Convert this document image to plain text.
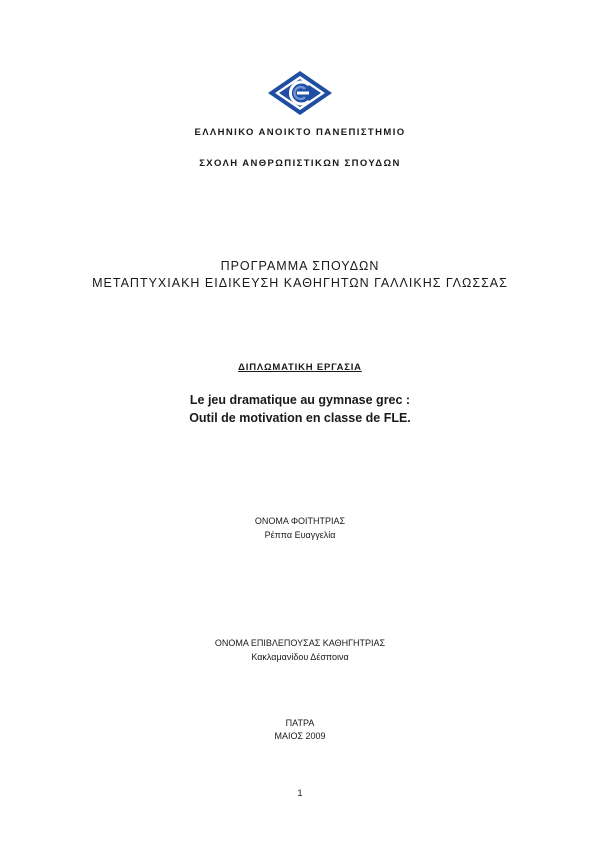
ΕΛΛΗΝΙΚΟ ΑΝΟΙΚΤΟ ΠΑΝΕΠΙΣΤΗΜΙΟ
ΣΧΟΛΗ ΑΝΘΡΩΠΙΣΤΙΚΩΝ ΣΠΟΥΔΩΝ
ΠΡΟΓΡΑΜΜΑ ΣΠΟΥΔΩΝ
ΜΕΤΑΠΤΥΧΙΑΚΗ ΕΙΔΙΚΕΥΣΗ ΚΑΘΗΓΗΤΩΝ ΓΑΛΛΙΚΗΣ ΓΛΩΣΣΑΣ
ΔΙΠΛΩΜΑΤΙΚΗ ΕΡΓΑΣΙΑ
Le jeu dramatique au gymnase grec :
Outil de motivation en classe de FLE.
ΟΝΟΜΑ ΦΟΙΤΗΤΡΙΑΣ
Ρέππα Ευαγγελία
ΟΝΟΜΑ ΕΠΙΒΛΕΠΟΥΣΑΣ ΚΑΘΗΓΗΤΡΙΑΣ
Κακλαμανίδου Δέσποινα
ΠΑΤΡΑ
ΜΑΙΟΣ 2009
1
